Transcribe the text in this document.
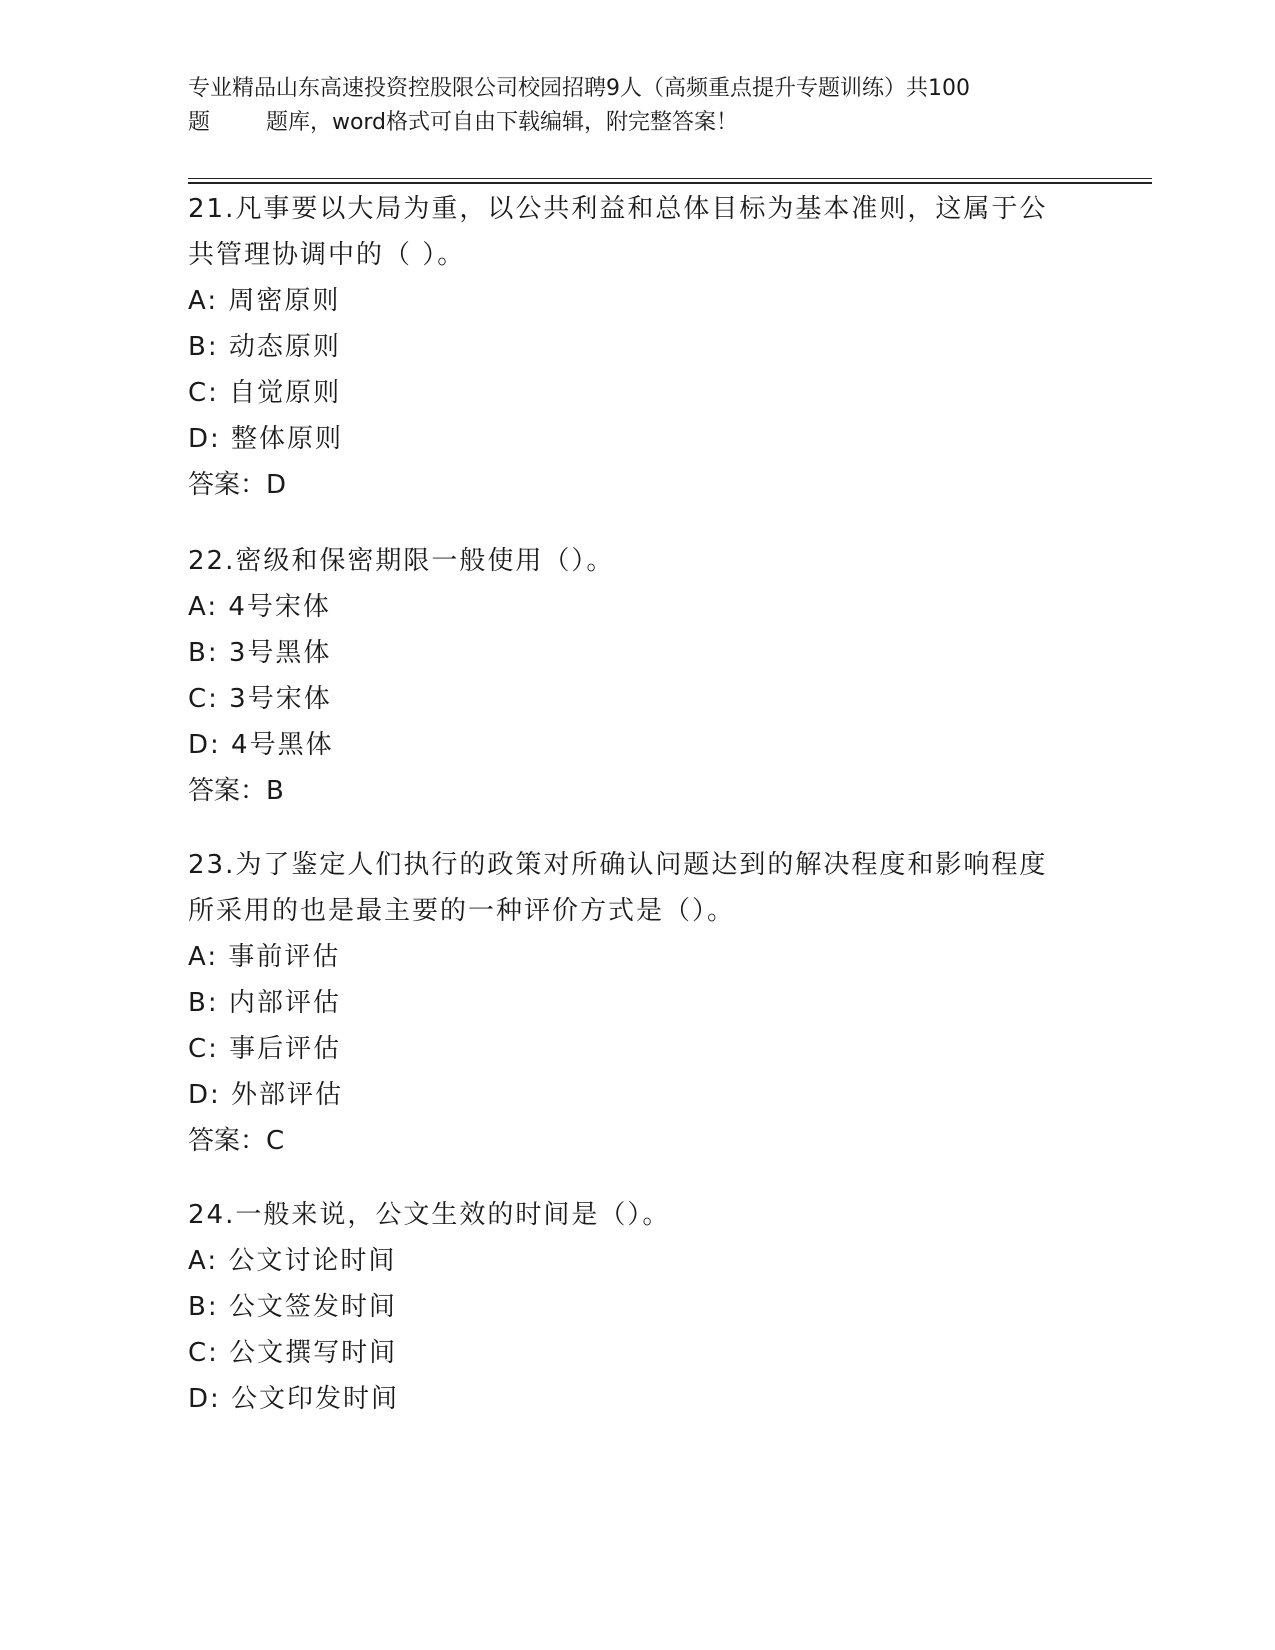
专业精品山东高速投资控股限公司校园招聘9人（高频重点提升专题训练）共100
题        题库，word格式可自由下载编辑，附完整答案！
21.凡事要以大局为重，以公共利益和总体目标为基本准则，这属于公
共管理协调中的（ ）。
A: 周密原则
B: 动态原则
C: 自觉原则
D: 整体原则
答案：D
22.密级和保密期限一般使用（）。
A: 4号宋体
B: 3号黑体
C: 3号宋体
D: 4号黑体
答案：B
23.为了鉴定人们执行的政策对所确认问题达到的解决程度和影响程度
所采用的也是最主要的一种评价方式是（）。
A: 事前评估
B: 内部评估
C: 事后评估
D: 外部评估
答案：C
24.一般来说，公文生效的时间是（）。
A: 公文讨论时间
B: 公文签发时间
C: 公文撰写时间
D: 公文印发时间
